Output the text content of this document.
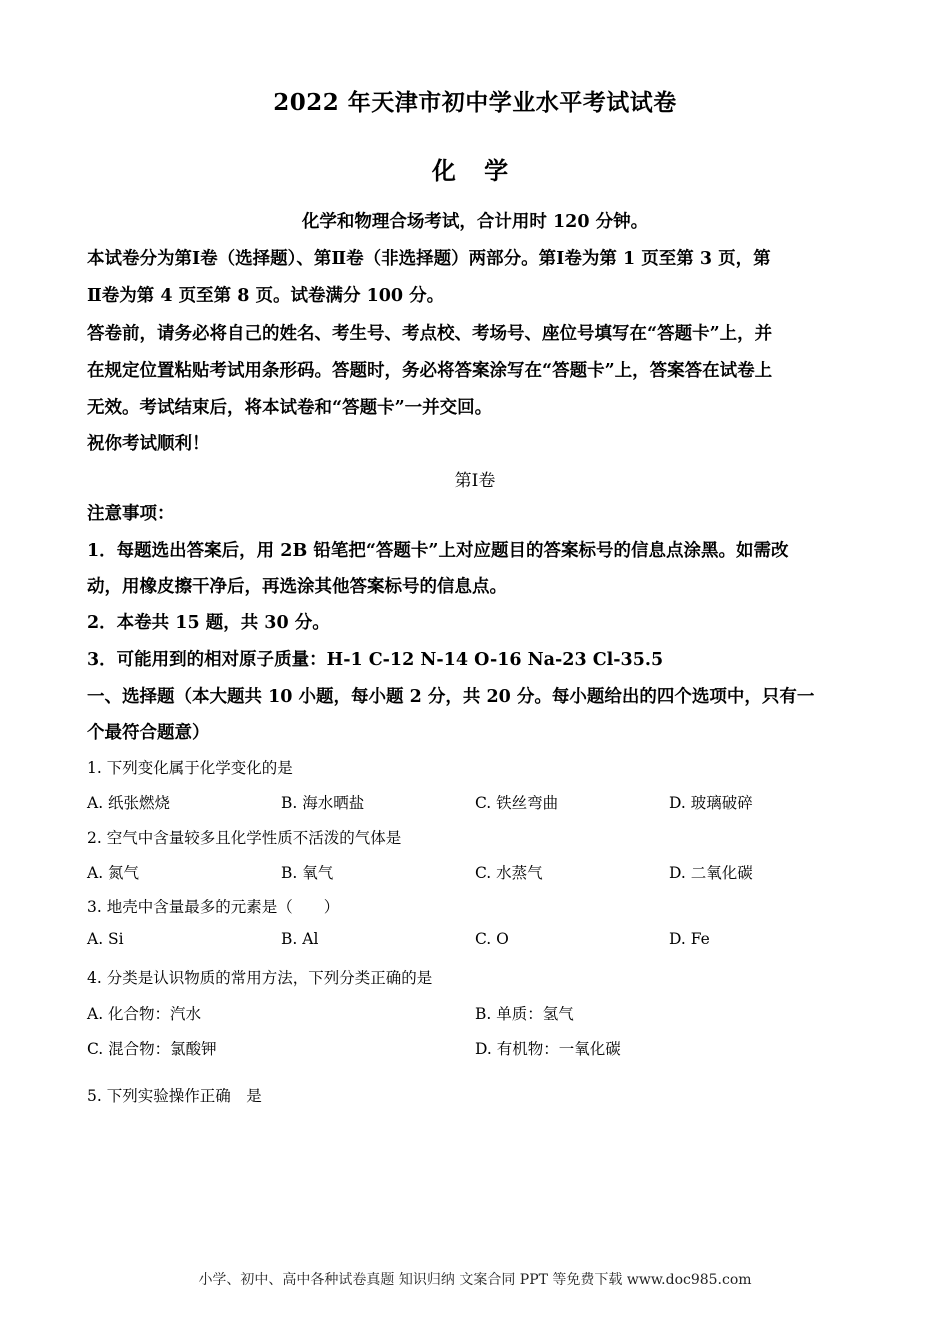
2022 年天津市初中学业水平考试试卷
化 学
化学和物理合场考试，合计用时 120 分钟。
本试卷分为第Ⅰ卷（选择题）、第Ⅱ卷（非选择题）两部分。第Ⅰ卷为第 1 页至第 3 页，第
Ⅱ卷为第 4 页至第 8 页。试卷满分 100 分。
答卷前，请务必将自己的姓名、考生号、考点校、考场号、座位号填写在“答题卡”上，并
在规定位置粘贴考试用条形码。答题时，务必将答案涂写在“答题卡”上，答案答在试卷上
无效。考试结束后，将本试卷和“答题卡”一并交回。
祝你考试顺利！
第Ⅰ卷
注意事项：
1．每题选出答案后，用 2B 铅笔把“答题卡”上对应题目的答案标号的信息点涂黑。如需改
动，用橡皮擦干净后，再选涂其他答案标号的信息点。
2．本卷共 15 题，共 30 分。
3．可能用到的相对原子质量：H-1 C-12 N-14 O-16 Na-23 Cl-35.5
一、选择题（本大题共 10 小题，每小题 2 分，共 20 分。每小题给出的四个选项中，只有一
个最符合题意）
1. 下列变化属于化学变化的是
A. 纸张燃烧	B. 海水晒盐	C. 铁丝弯曲	D. 玻璃破碎
2. 空气中含量较多且化学性质不活泼的气体是
A. 氮气	B. 氧气	C. 水蒸气	D. 二氧化碳
3. 地壳中含量最多的元素是（　　）
A. Si	B. Al	C. O	D. Fe
4. 分类是认识物质的常用方法，下列分类正确的是
A. 化合物：汽水	B. 单质：氢气
C. 混合物：氯酸钾	D. 有机物：一氧化碳
5. 下列实验操作正确　是
小学、初中、高中各种试卷真题 知识归纳 文案合同 PPT 等免费下载 www.doc985.com
